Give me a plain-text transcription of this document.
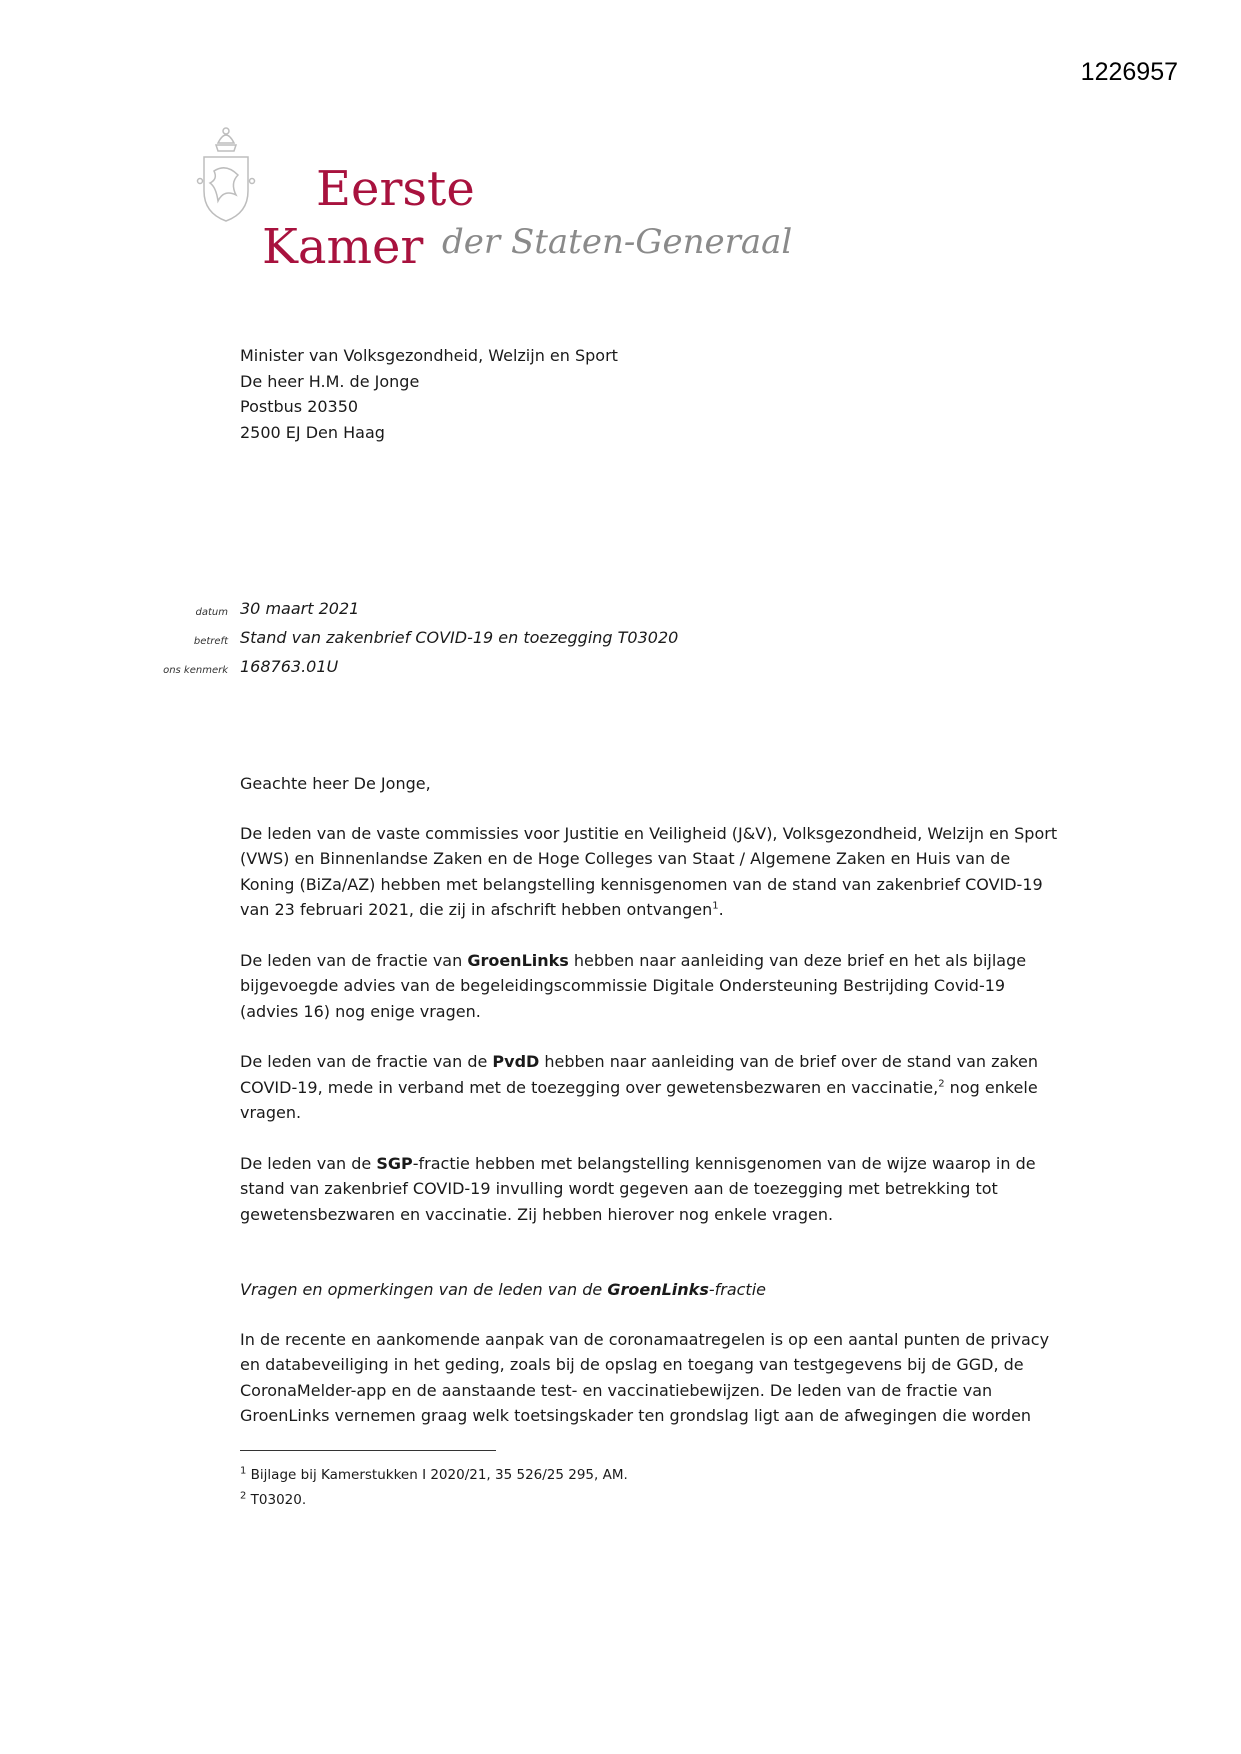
1226957
Eerste
Kamer der Staten-Generaal
Minister van Volksgezondheid, Welzijn en Sport
De heer H.M. de Jonge
Postbus 20350
2500 EJ Den Haag
datum 30 maart 2021
betreft Stand van zakenbrief COVID-19 en toezegging T03020
ons kenmerk 168763.01U

Geachte heer De Jonge,

De leden van de vaste commissies voor Justitie en Veiligheid (J&V), Volksgezondheid, Welzijn en Sport (VWS) en Binnenlandse Zaken en de Hoge Colleges van Staat / Algemene Zaken en Huis van de Koning (BiZa/AZ) hebben met belangstelling kennisgenomen van de stand van zakenbrief COVID-19 van 23 februari 2021, die zij in afschrift hebben ontvangen$^1$.

De leden van de fractie van GroenLinks hebben naar aanleiding van deze brief en het als bijlage bijgevoegde advies van de begeleidingscommissie Digitale Ondersteuning Bestrijding Covid-19 (advies 16) nog enige vragen.

De leden van de fractie van de PvdD hebben naar aanleiding van de brief over de stand van zaken COVID-19, mede in verband met de toezegging over gewetensbezwaren en vaccinatie,$^2$ nog enkele vragen.

De leden van de SGP-fractie hebben met belangstelling kennisgenomen van de wijze waarop in de stand van zakenbrief COVID-19 invulling wordt gegeven aan de toezegging met betrekking tot gewetensbezwaren en vaccinatie. Zij hebben hierover nog enkele vragen.

Vragen en opmerkingen van de leden van de GroenLinks-fractie

In de recente en aankomende aanpak van de coronamaatregelen is op een aantal punten de privacy en databeveiliging in het geding, zoals bij de opslag en toegang van testgegevens bij de GGD, de CoronaMelder-app en de aanstaande test- en vaccinatiebewijzen. De leden van de fractie van GroenLinks vernemen graag welk toetsingskader ten grondslag ligt aan de afwegingen die worden

$^1$ Bijlage bij Kamerstukken I 2020/21, 35 526/25 295, AM.
$^2$ T03020.
